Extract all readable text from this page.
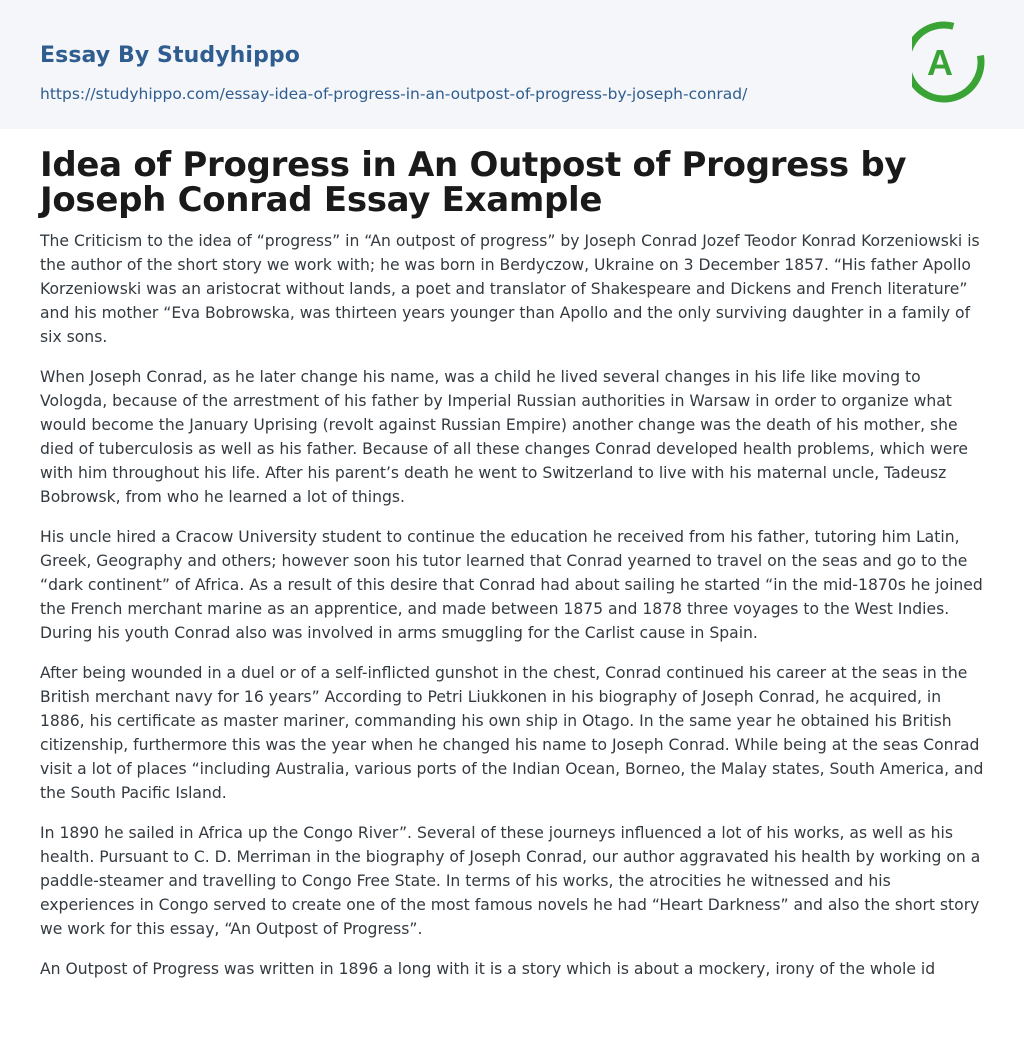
Essay By Studyhippo
https://studyhippo.com/essay-idea-of-progress-in-an-outpost-of-progress-by-joseph-conrad/
A
Idea of Progress in An Outpost of Progress by Joseph Conrad Essay Example

The Criticism to the idea of “progress” in “An outpost of progress” by Joseph Conrad Jozef Teodor Konrad Korzeniowski is the author of the short story we work with; he was born in Berdyczow, Ukraine on 3 December 1857. “His father Apollo Korzeniowski was an aristocrat without lands, a poet and translator of Shakespeare and Dickens and French literature” and his mother “Eva Bobrowska, was thirteen years younger than Apollo and the only surviving daughter in a family of six sons.

When Joseph Conrad, as he later change his name, was a child he lived several changes in his life like moving to Vologda, because of the arrestment of his father by Imperial Russian authorities in Warsaw in order to organize what would become the January Uprising (revolt against Russian Empire) another change was the death of his mother, she died of tuberculosis as well as his father. Because of all these changes Conrad developed health problems, which were with him throughout his life. After his parent’s death he went to Switzerland to live with his maternal uncle, Tadeusz Bobrowsk, from who he learned a lot of things.

His uncle hired a Cracow University student to continue the education he received from his father, tutoring him Latin, Greek, Geography and others; however soon his tutor learned that Conrad yearned to travel on the seas and go to the “dark continent” of Africa. As a result of this desire that Conrad had about sailing he started “in the mid-1870s he joined the French merchant marine as an apprentice, and made between 1875 and 1878 three voyages to the West Indies. During his youth Conrad also was involved in arms smuggling for the Carlist cause in Spain.

After being wounded in a duel or of a self-inflicted gunshot in the chest, Conrad continued his career at the seas in the British merchant navy for 16 years” According to Petri Liukkonen in his biography of Joseph Conrad, he acquired, in 1886, his certificate as master mariner, commanding his own ship in Otago. In the same year he obtained his British citizenship, furthermore this was the year when he changed his name to Joseph Conrad. While being at the seas Conrad visit a lot of places “including Australia, various ports of the Indian Ocean, Borneo, the Malay states, South America, and the South Pacific Island.

In 1890 he sailed in Africa up the Congo River”. Several of these journeys influenced a lot of his works, as well as his health. Pursuant to C. D. Merriman in the biography of Joseph Conrad, our author aggravated his health by working on a paddle-steamer and travelling to Congo Free State. In terms of his works, the atrocities he witnessed and his experiences in Congo served to create one of the most famous novels he had “Heart Darkness” and also the short story we work for this essay, “An Outpost of Progress”.

An Outpost of Progress was written in 1896 a long with it is a story which is about a mockery, irony of the whole id
